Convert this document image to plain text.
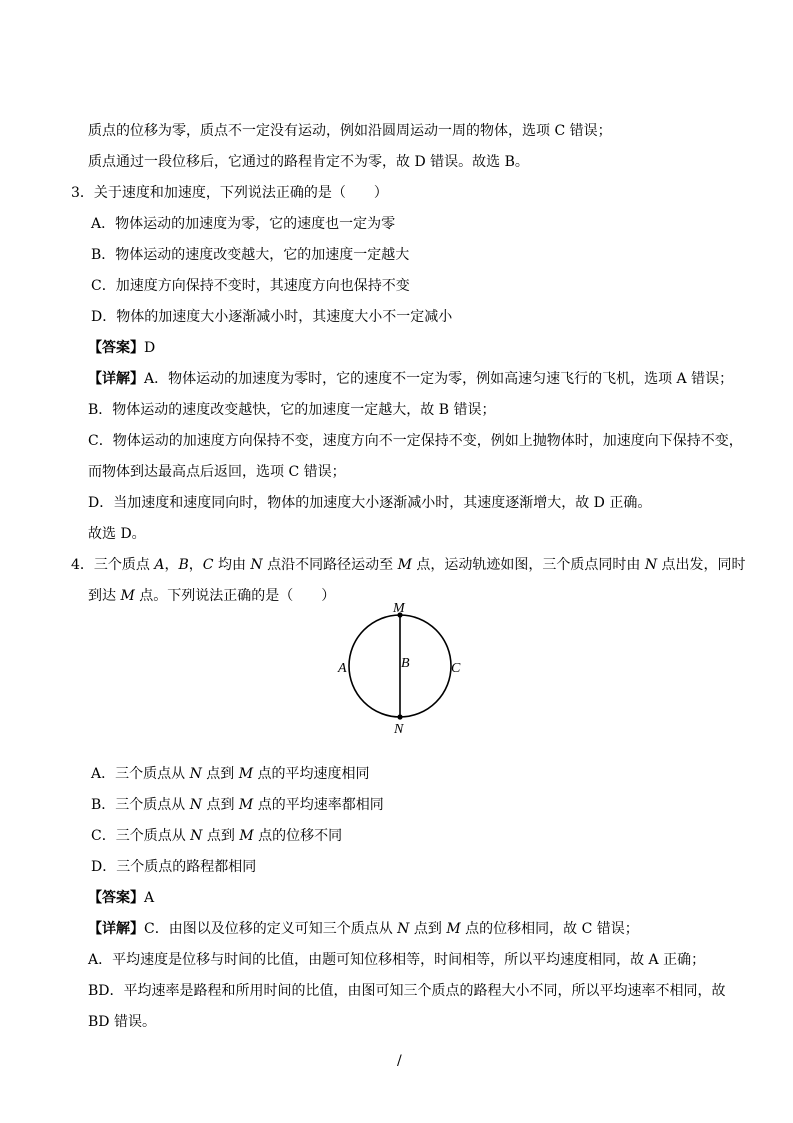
质点的位移为零，质点不一定没有运动，例如沿圆周运动一周的物体，选项 C 错误；
质点通过一段位移后，它通过的路程肯定不为零，故 D 错误。故选 B。
3．关于速度和加速度，下列说法正确的是（　　）
A．物体运动的加速度为零，它的速度也一定为零
B．物体运动的速度改变越大，它的加速度一定越大
C．加速度方向保持不变时，其速度方向也保持不变
D．物体的加速度大小逐渐减小时，其速度大小不一定减小
【答案】D
【详解】A．物体运动的加速度为零时，它的速度不一定为零，例如高速匀速飞行的飞机，选项 A 错误；
B．物体运动的速度改变越快，它的加速度一定越大，故 B 错误；
C．物体运动的加速度方向保持不变，速度方向不一定保持不变，例如上抛物体时，加速度向下保持不变，
而物体到达最高点后返回，选项 C 错误；
D．当加速度和速度同向时，物体的加速度大小逐渐减小时，其速度逐渐增大，故 D 正确。
故选 D。
4．三个质点 A，B，C 均由 N 点沿不同路径运动至 M 点，运动轨迹如图，三个质点同时由 N 点出发，同时
到达 M 点。下列说法正确的是（　　）
M
N
A	B	C
A．三个质点从 N 点到 M 点的平均速度相同
B．三个质点从 N 点到 M 点的平均速率都相同
C．三个质点从 N 点到 M 点的位移不同
D．三个质点的路程都相同
【答案】A
【详解】C．由图以及位移的定义可知三个质点从 N 点到 M 点的位移相同，故 C 错误；
A．平均速度是位移与时间的比值，由题可知位移相等，时间相等，所以平均速度相同，故 A 正确；
BD．平均速率是路程和所用时间的比值，由图可知三个质点的路程大小不同，所以平均速率不相同，故
BD 错误。
/
